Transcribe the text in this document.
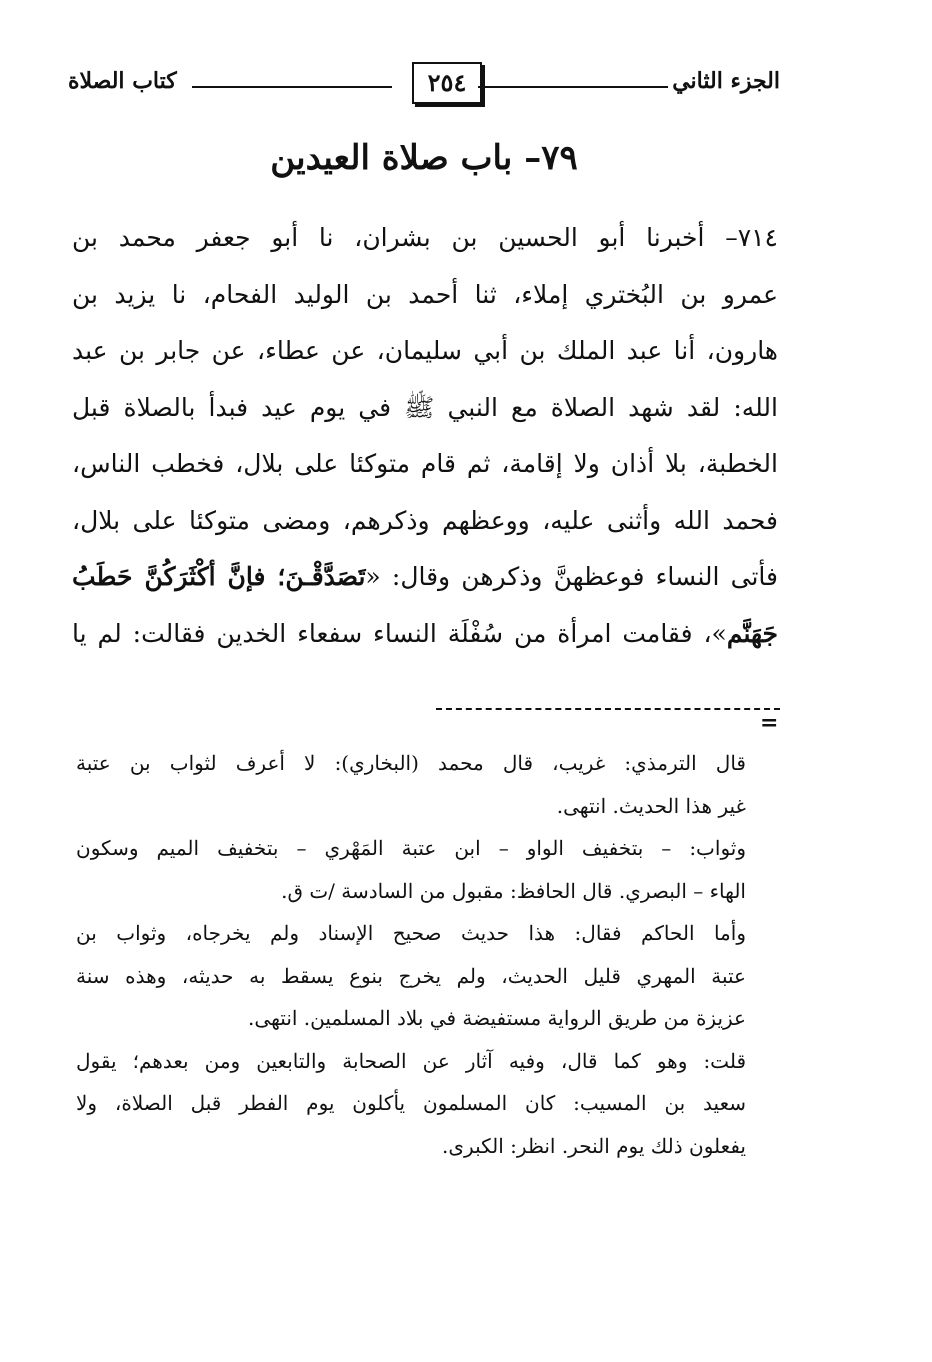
الجزء الثاني
٢٥٤
كتاب الصلاة
٧٩– باب صلاة العيدين
٧١٤– أخبرنا أبو الحسين بن بشران، نا أبو جعفر محمد بن
عمرو بن البُختري إملاء، ثنا أحمد بن الوليد الفحام، نا يزيد بن
هارون، أنا عبد الملك بن أبي سليمان، عن عطاء، عن جابر بن عبد
الله: لقد شهد الصلاة مع النبي ﷺ في يوم عيد فبدأ بالصلاة قبل
الخطبة، بلا أذان ولا إقامة، ثم قام متوكئا على بلال، فخطب الناس،
فحمد الله وأثنى عليه، ووعظهم وذكرهم، ومضى متوكئا على بلال،
فأتى النساء فوعظهنَّ وذكرهن وقال: «تَصَدَّقْـنَ؛ فإنَّ أكْثَرَكُنَّ حَطَبُ
جَهَنَّم»، فقامت امرأة من سُفْلَة النساء سفعاء الخدين فقالت: لم يا
=
قال الترمذي: غريب، قال محمد (البخاري): لا أعرف لثواب بن عتبة
غير هذا الحديث. انتهى.
وثواب: – بتخفيف الواو – ابن عتبة المَهْري – بتخفيف الميم وسكون
الهاء – البصري. قال الحافظ: مقبول من السادسة /ت ق.
وأما الحاكم فقال: هذا حديث صحيح الإسناد ولم يخرجاه، وثواب بن
عتبة المهري قليل الحديث، ولم يخرج بنوع يسقط به حديثه، وهذه سنة
عزيزة من طريق الرواية مستفيضة في بلاد المسلمين. انتهى.
قلت: وهو كما قال، وفيه آثار عن الصحابة والتابعين ومن بعدهم؛ يقول
سعيد بن المسيب: كان المسلمون يأكلون يوم الفطر قبل الصلاة، ولا
يفعلون ذلك يوم النحر. انظر: الكبرى.
